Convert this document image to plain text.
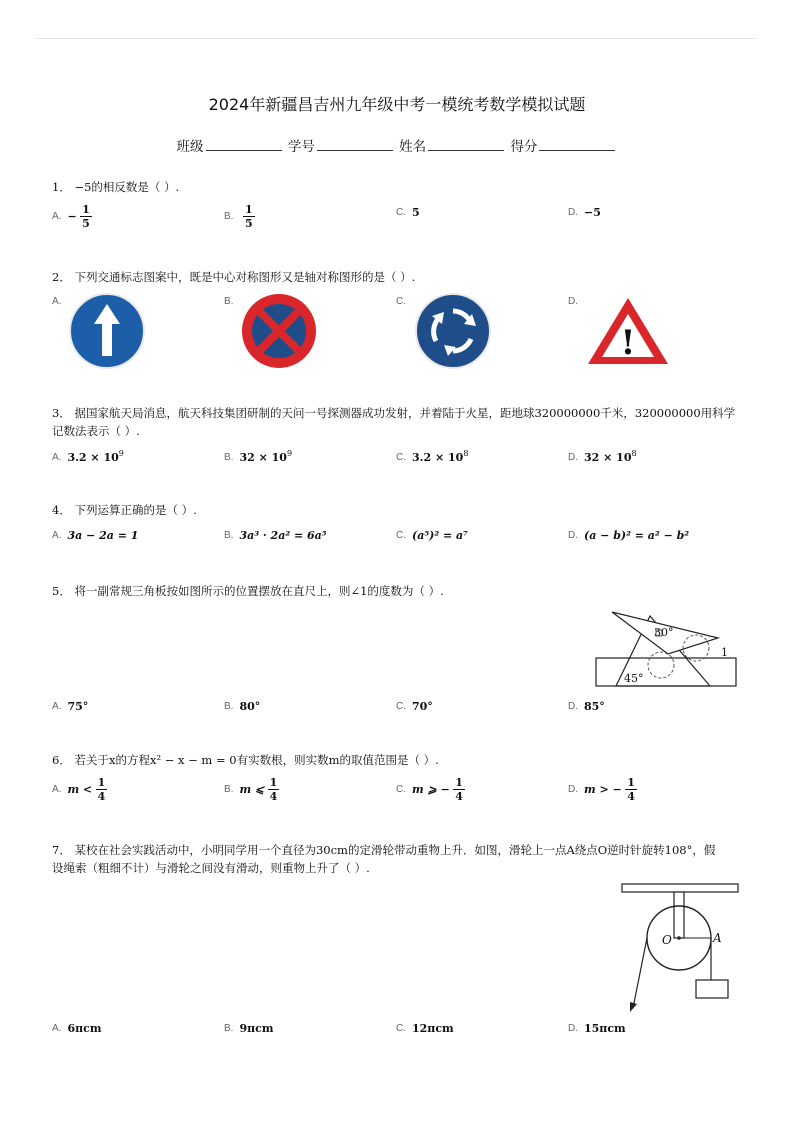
2024年新疆昌吉州九年级中考一模统考数学模拟试题
班级	学号	姓名	得分
1． −5的相反数是（ ）.
A. − $\frac{1}{5}$	B. $\frac{1}{5}$	C. 5	D. −5
2． 下列交通标志图案中，既是中心对称图形又是轴对称图形的是（ ）.
A.	B.	C.	D.
!
3． 据国家航天局消息，航天科技集团研制的天问一号探测器成功发射，并着陆于火星，距地球320000000千米，320000000用科学
记数法表示（ ）.
A. $3.2 \times 10^9$	B. $32 \times 10^9$	C. $3.2 \times 10^8$	D. $32 \times 10^8$
4． 下列运算正确的是（ ）.
A. 3a − 2a = 1	B. 3a³ · 2a² = 6a⁵	C. (a⁵)² = a⁷	D. (a − b)² = a² − b²
5． 将一副常规三角板按如图所示的位置摆放在直尺上，则∠1的度数为（ ）.
30°
45°
1
A. 75°	B. 80°	C. 70°	D. 85°
6． 若关于x的方程x² − x − m = 0有实数根，则实数m的取值范围是（ ）.
A. $m < \frac{1}{4}$	B. m ⩽ $\frac{1}{4}$	C. m ⩾ − $\frac{1}{4}$	D. m > − $\frac{1}{4}$
7． 某校在社会实践活动中，小明同学用一个直径为30cm的定滑轮带动重物上升．如图，滑轮上一点A绕点O逆时针旋转108°，假
设绳索（粗细不计）与滑轮之间没有滑动，则重物上升了（ ）.
O	A
A. 6πcm	B. 9πcm	C. 12πcm	D. 15πcm
